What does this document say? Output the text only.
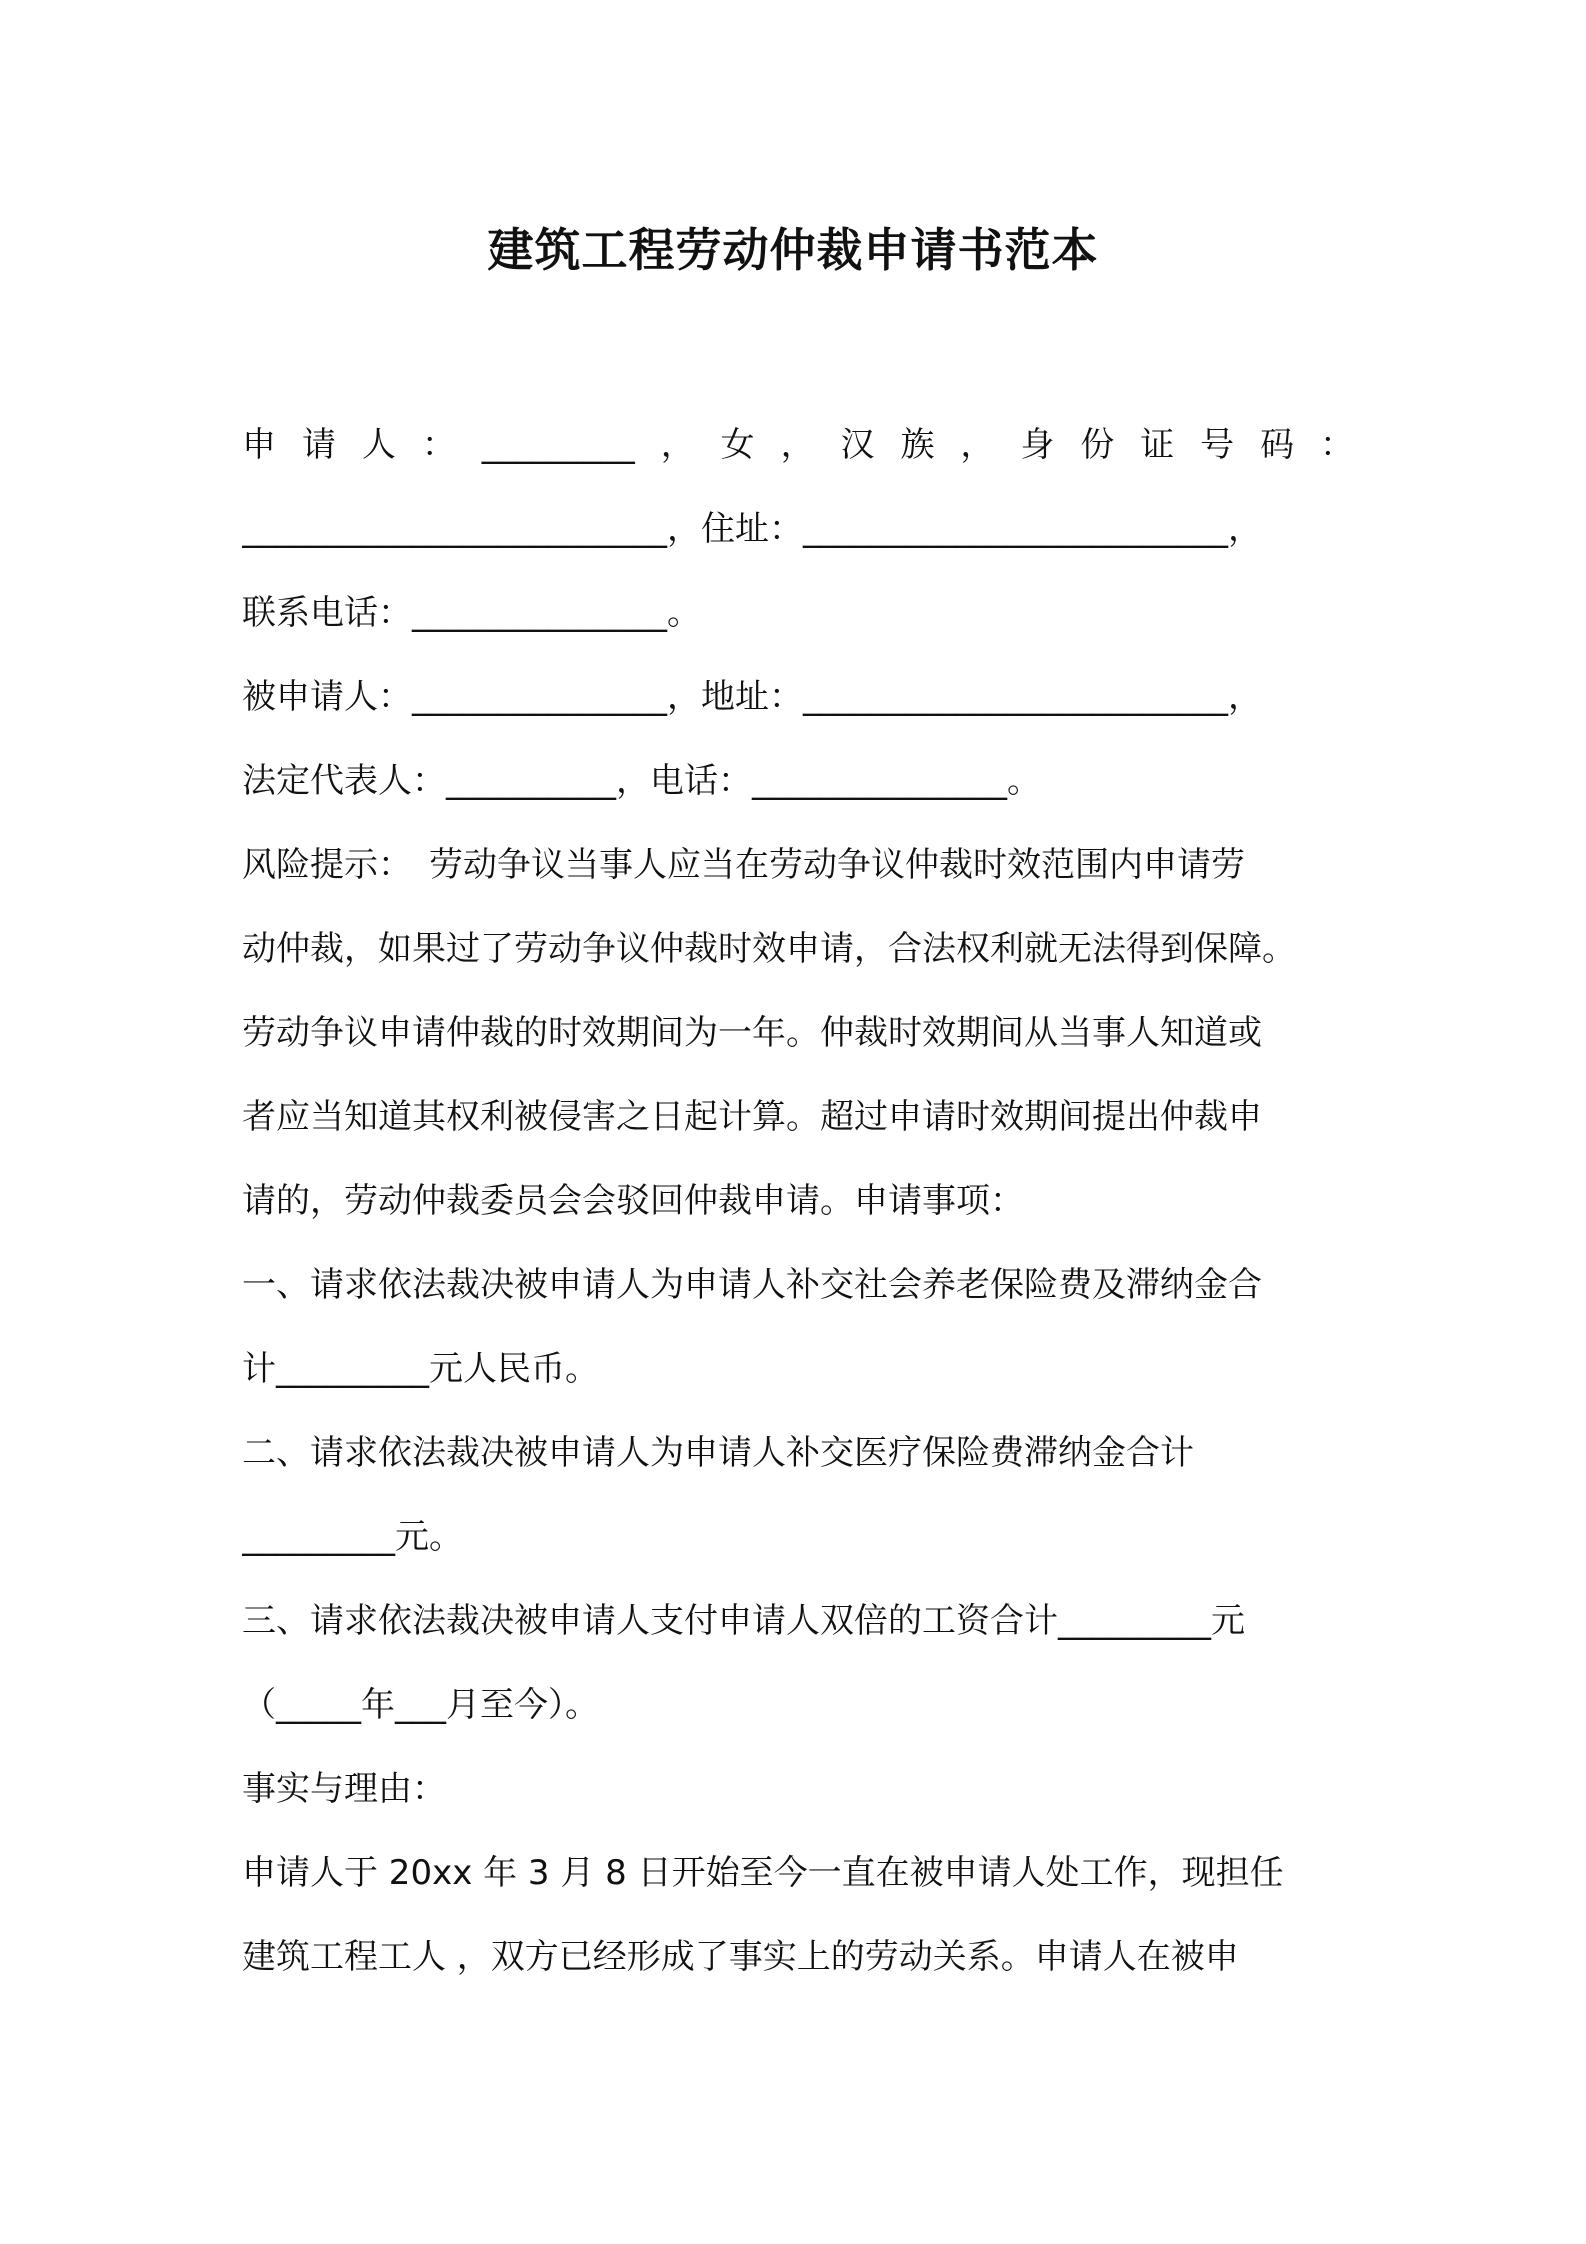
建筑工程劳动仲裁申请书范本
申 请 人 ： _________ ， 女 ， 汉 族 ， 身 份 证 号 码 ：
_________________________，住址：_________________________，
联系电话：_______________。
被申请人：_______________，地址：_________________________，
法定代表人：__________，电话：_______________。
风险提示：　劳动争议当事人应当在劳动争议仲裁时效范围内申请劳
动仲裁，如果过了劳动争议仲裁时效申请，合法权利就无法得到保障。
劳动争议申请仲裁的时效期间为一年。仲裁时效期间从当事人知道或
者应当知道其权利被侵害之日起计算。超过申请时效期间提出仲裁申
请的，劳动仲裁委员会会驳回仲裁申请。申请事项：
一、请求依法裁决被申请人为申请人补交社会养老保险费及滞纳金合
计_________元人民币。
二、请求依法裁决被申请人为申请人补交医疗保险费滞纳金合计
_________元。
三、请求依法裁决被申请人支付申请人双倍的工资合计_________元
（_____年___月至今）。
事实与理由：
申请人于 20xx 年 3 月 8 日开始至今一直在被申请人处工作，现担任
建筑工程工人 ，双方已经形成了事实上的劳动关系。申请人在被申
